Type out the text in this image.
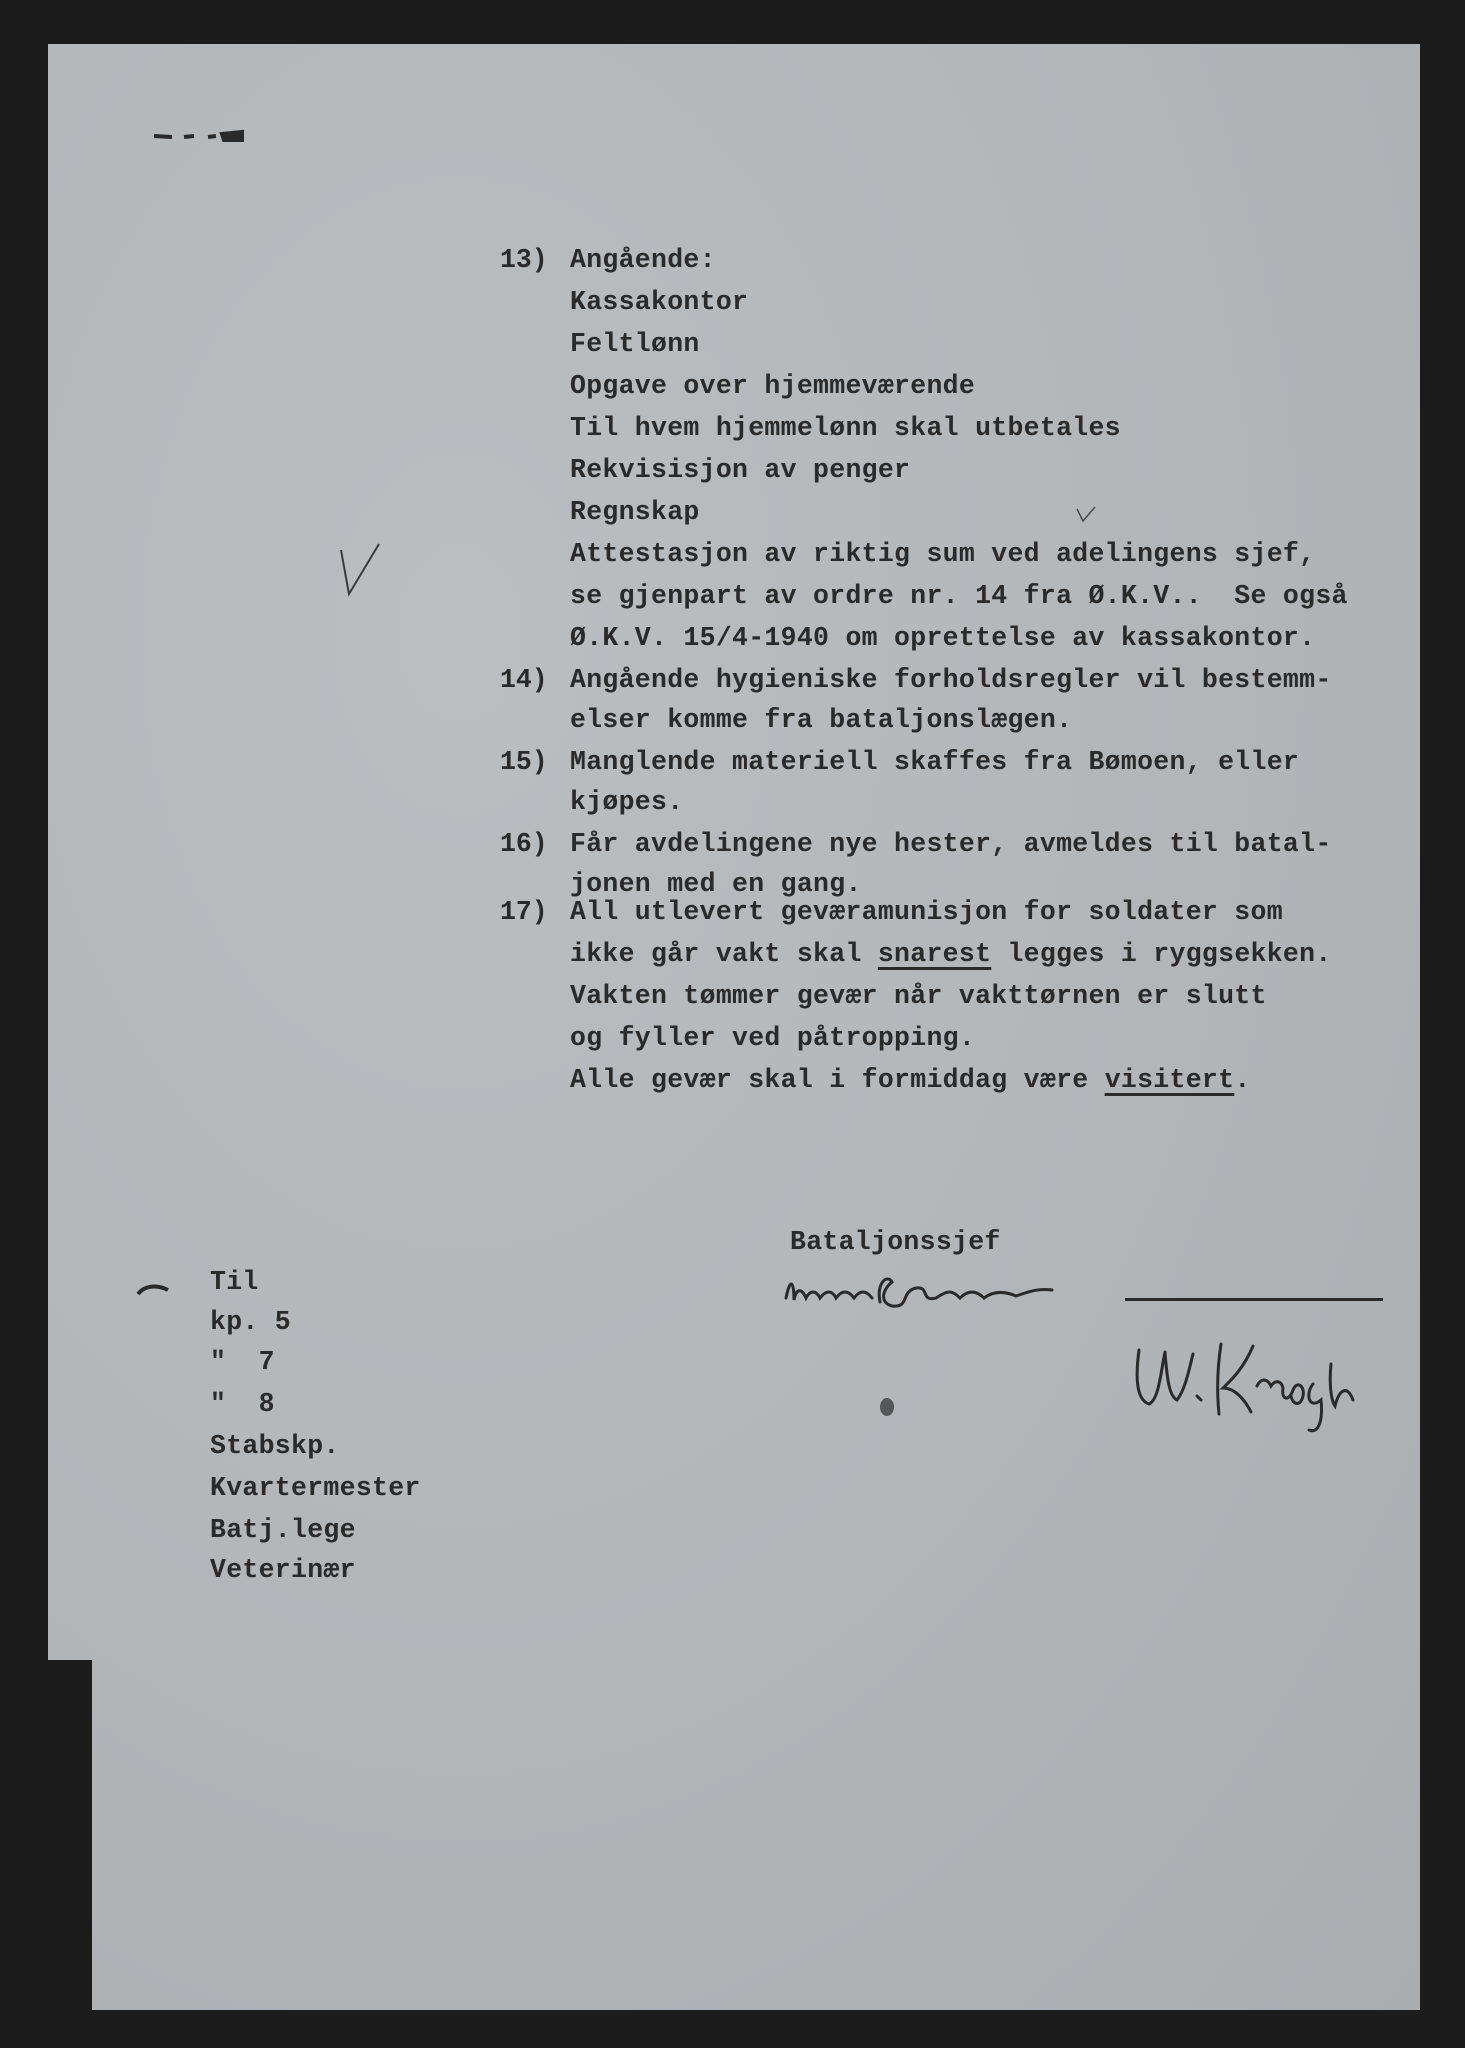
13) Angående:
Kassakontor
Feltlønn
Opgave over hjemmeværende
Til hvem hjemmelønn skal utbetales
Rekvisisjon av penger
Regnskap
Attestasjon av riktig sum ved adelingens sjef,
se gjenpart av ordre nr. 14 fra Ø.K.V..  Se også
Ø.K.V. 15/4-1940 om oprettelse av kassakontor.
14) Angående hygieniske forholdsregler vil bestemm-
elser komme fra bataljonslægen.
15) Manglende materiell skaffes fra Bømoen, eller
kjøpes.
16) Får avdelingene nye hester, avmeldes til batal-
jonen med en gang.
17) All utlevert geværamunisjon for soldater som
ikke går vakt skal snarest legges i ryggsekken.
Vakten tømmer gevær når vakttørnen er slutt
og fyller ved påtropping.
Alle gevær skal i formiddag være visitert.
Bataljonssjef
Til
kp. 5
"  7
"  8
Stabskp.
Kvartermester
Batj.lege
Veterinær
